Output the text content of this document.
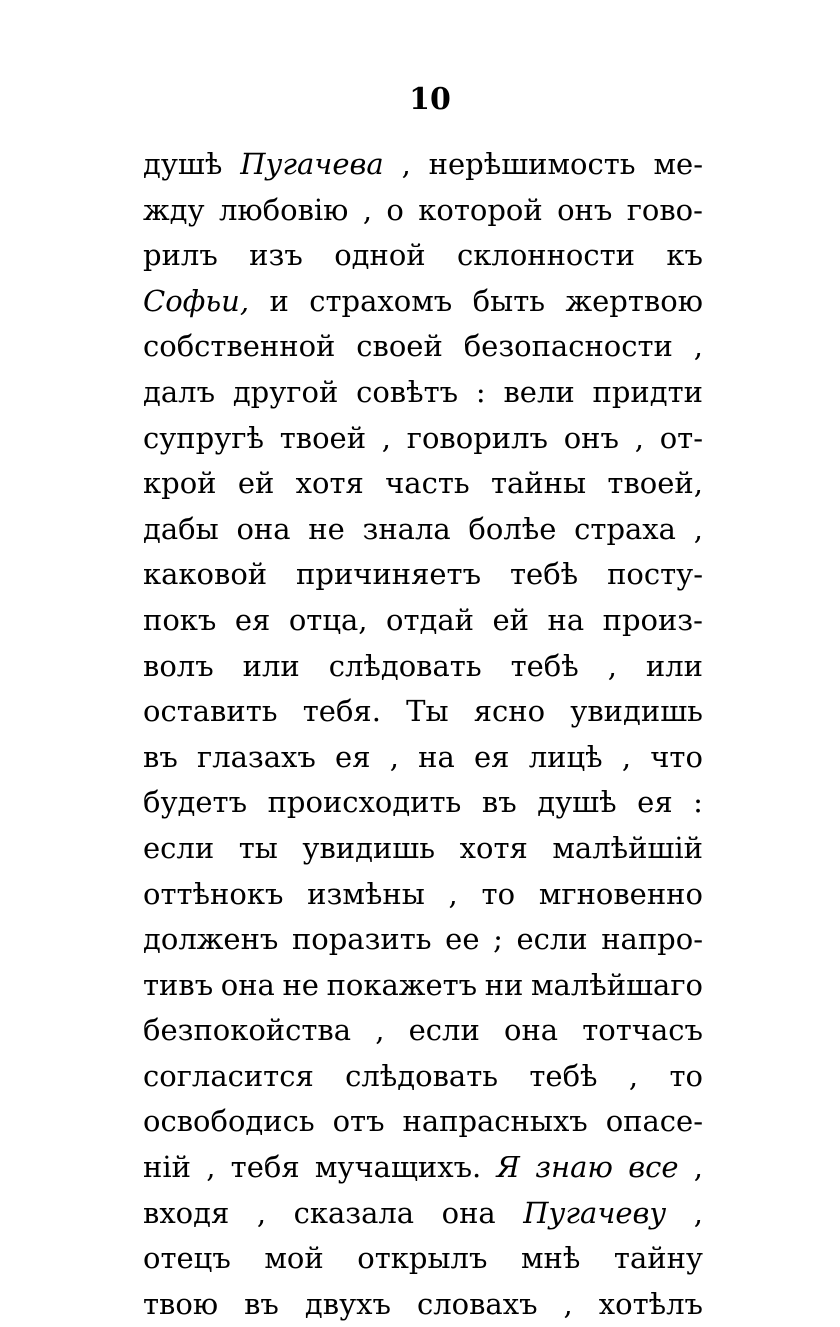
10
душѣ Пугачева , нерѣшимость ме-
жду любовію , о которой онъ гово-
рилъ изъ одной склонности къ
Софьи, и страхомъ быть жертвою
собственной своей безопасности ,
далъ другой совѣтъ : вели придти
супругѣ твоей , говорилъ онъ , от-
крой ей хотя часть тайны твоей,
дабы она не знала болѣе страха ,
каковой причиняетъ тебѣ посту-
покъ ея отца, отдай ей на произ-
волъ или слѣдовать тебѣ , или
оставить тебя. Ты ясно увидишь
въ глазахъ ея , на ея лицѣ , что
будетъ происходить въ душѣ ея :
если ты увидишь хотя малѣйшій
оттѣнокъ измѣны , то мгновенно
долженъ поразить ее ; если напро-
тивъ она не покажетъ ни малѣйшаго
безпокойства , если она тотчасъ
согласится слѣдовать тебѣ , то
освободись отъ напрасныхъ опасе-
ній , тебя мучащихъ. Я знаю все ,
входя , сказала она Пугачеву ,
отецъ мой открылъ мнѣ тайну
твою въ двухъ словахъ , хотѣлъ
